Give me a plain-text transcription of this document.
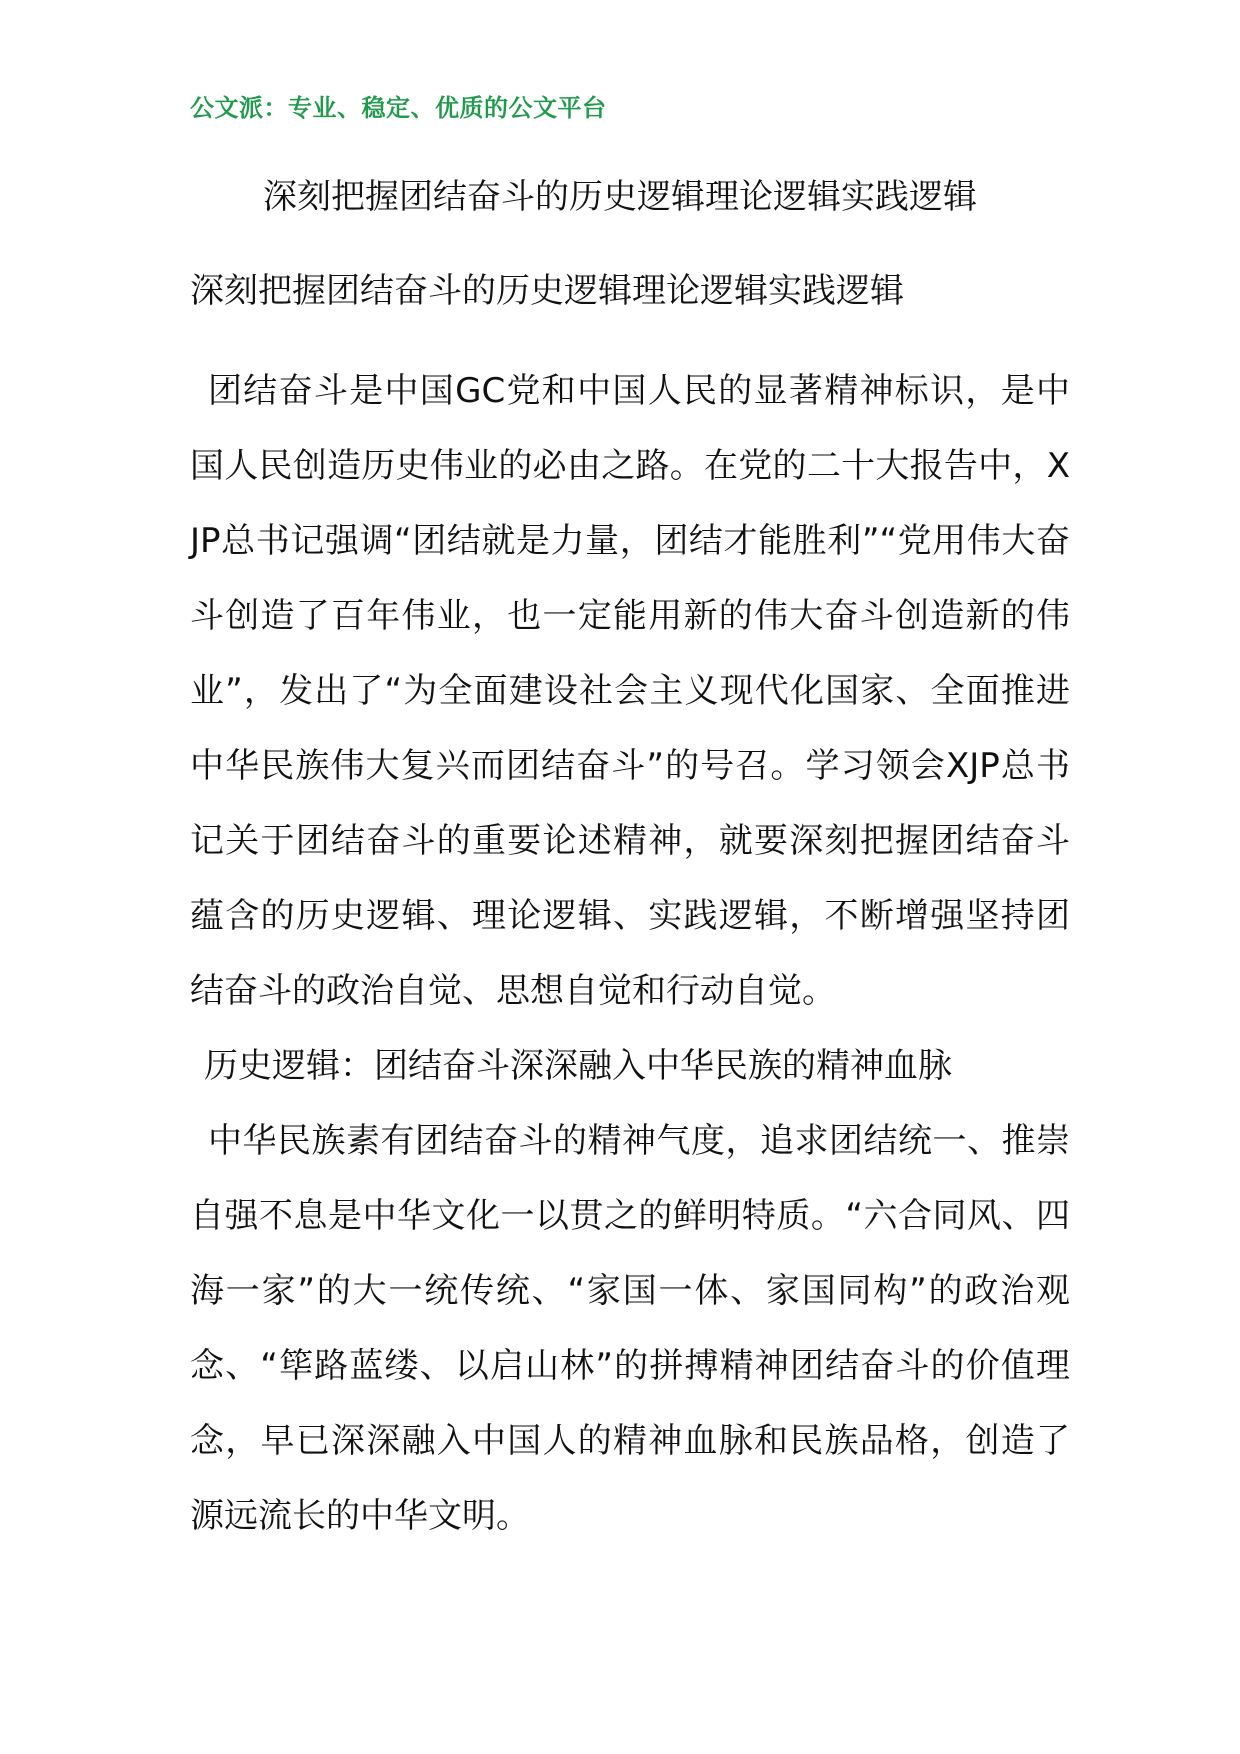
公文派：专业、稳定、优质的公文平台
深刻把握团结奋斗的历史逻辑理论逻辑实践逻辑
深刻把握团结奋斗的历史逻辑理论逻辑实践逻辑

团结奋斗是中国GC党和中国人民的显著精神标识，是中国人民创造历史伟业的必由之路。在党的二十大报告中，XJP总书记强调“团结就是力量，团结才能胜利”“党用伟大奋斗创造了百年伟业，也一定能用新的伟大奋斗创造新的伟业”，发出了“为全面建设社会主义现代化国家、全面推进中华民族伟大复兴而团结奋斗”的号召。学习领会XJP总书记关于团结奋斗的重要论述精神，就要深刻把握团结奋斗蕴含的历史逻辑、理论逻辑、实践逻辑，不断增强坚持团结奋斗的政治自觉、思想自觉和行动自觉。

历史逻辑：团结奋斗深深融入中华民族的精神血脉

中华民族素有团结奋斗的精神气度，追求团结统一、推崇自强不息是中华文化一以贯之的鲜明特质。“六合同风、四海一家”的大一统传统、“家国一体、家国同构”的政治观念、“筚路蓝缕、以启山林”的拼搏精神团结奋斗的价值理念，早已深深融入中国人的精神血脉和民族品格，创造了源远流长的中华文明。
